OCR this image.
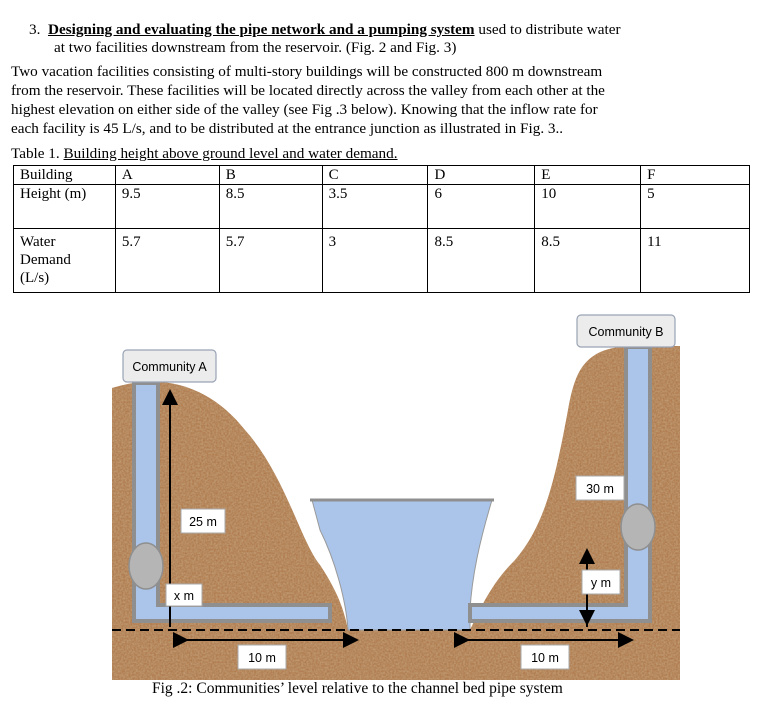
3. Designing and evaluating the pipe network and a pumping system used to distribute water
at two facilities downstream from the reservoir. (Fig. 2 and Fig. 3)
Two vacation facilities consisting of multi-story buildings will be constructed 800 m downstream
from the reservoir. These facilities will be located directly across the valley from each other at the
highest elevation on either side of the valley (see Fig .3 below). Knowing that the inflow rate for
each facility is 45 L/s, and to be distributed at the entrance junction as illustrated in Fig. 3..
Table 1. Building height above ground level and water demand.
Building	A	B	C	D	E	F
Height (m)	9.5	8.5	3.5	6	10	5
Water
Demand
(L/s)	5.7	5.7	3	8.5	8.5	11
Community A
Community B
25 m
x m
30 m
y m
10 m	10 m
Fig .2: Communities’ level relative to the channel bed pipe system
